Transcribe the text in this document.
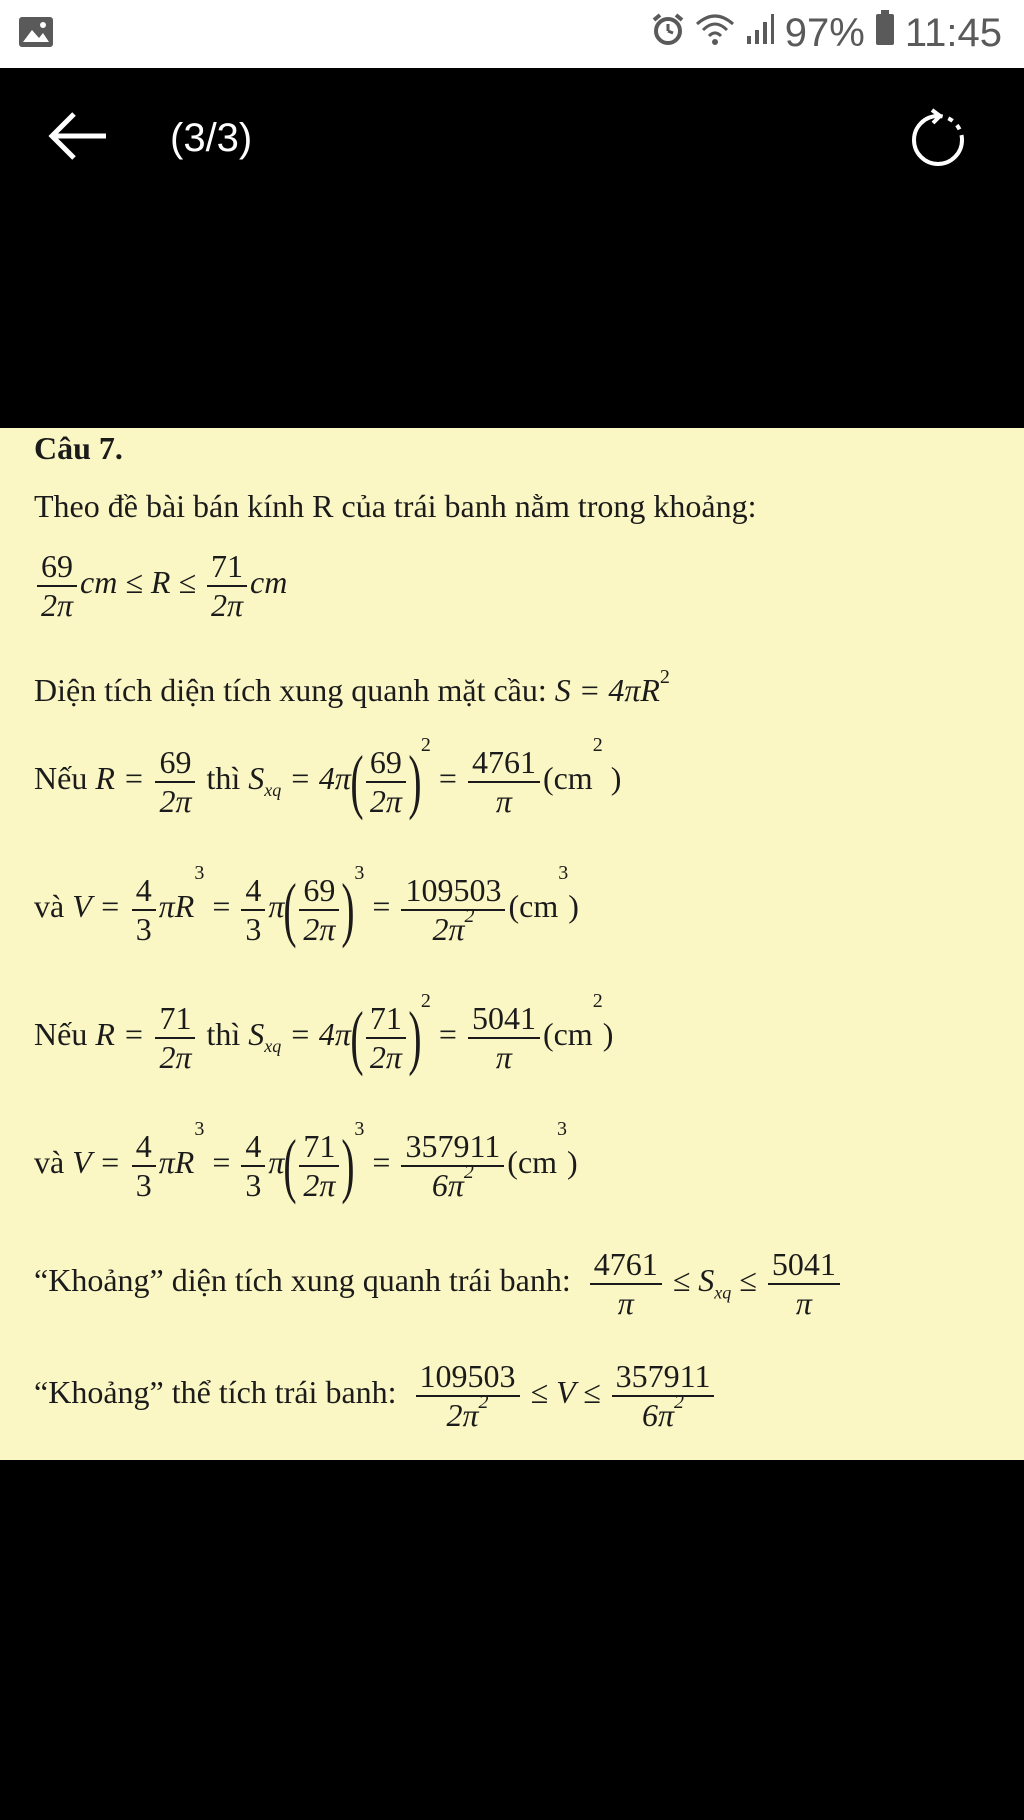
97% 11:45
(3/3)
Câu 7.
Theo đề bài bán kính R của trái banh nằm trong khoảng:
$\frac{69}{2\pi}$ cm ≤ $R \le \frac{71}{2\pi}$ cm
Diện tích diện tích xung quanh mặt cầu: $S = 4\pi R^2$
Nếu $R = \frac{69}{2\pi}$ thì $S_{xq} = 4\pi( \frac{69}{2\pi} )^2 = \frac{4761}{\pi} (cm^2$ )
và $V = \frac{4}{3} \pi R^3 = \frac{4}{3} \pi( \frac{69}{2\pi} )^3 = \frac{109503}{2\pi^2} (cm^3)$
Nếu $R = \frac{71}{2\pi}$ thì $S_{xq} = 4\pi( \frac{71}{2\pi} )^2 = \frac{5041}{\pi} (cm^2)$
và $V = \frac{4}{3} \pi R^3 = \frac{4}{3} \pi( \frac{71}{2\pi} )^3 = \frac{357911}{6\pi^2} (cm^3)$
“Khoảng” diện tích xung quanh trái banh: $\frac{4761}{\pi} \le S_{xq} \le \frac{5041}{\pi}$
“Khoảng” thể tích trái banh: $\frac{109503}{2\pi^2} \le V \le \frac{357911}{6\pi^2}$
